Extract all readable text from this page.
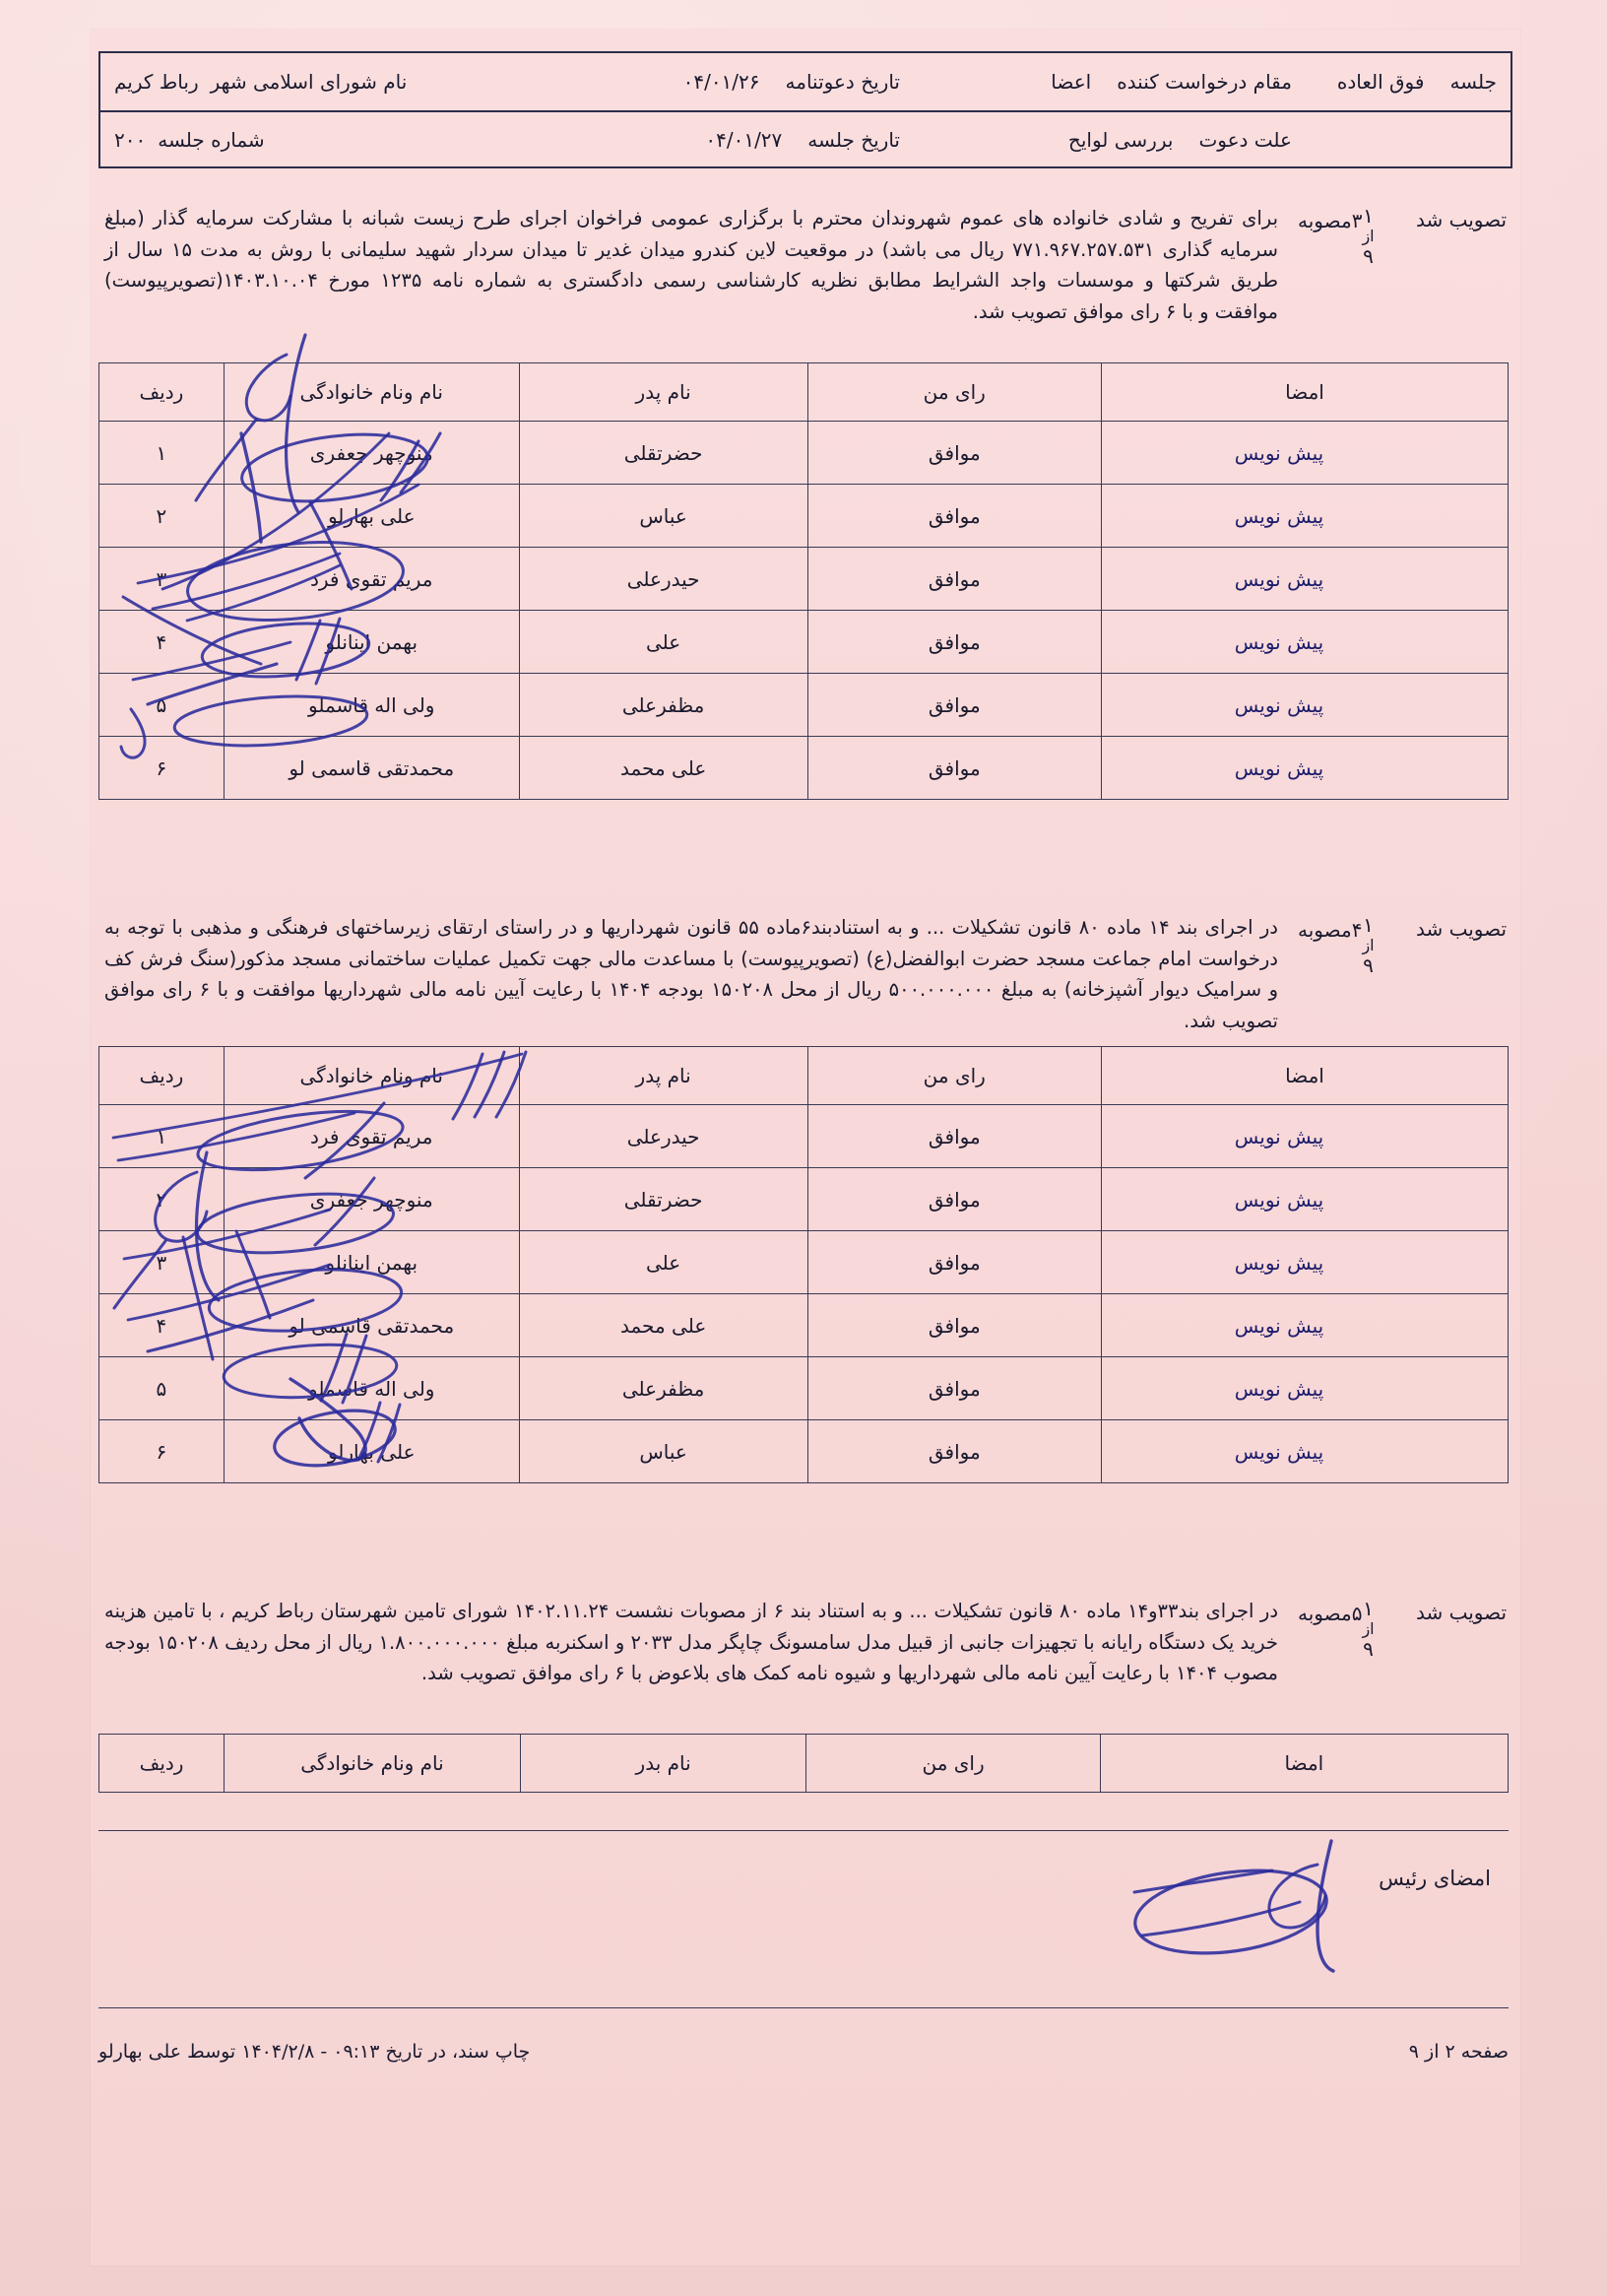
جلسه
فوق العاده
مقام درخواست کننده
اعضا
تاریخ دعوتنامه
۰۴/۰۱/۲۶
نام شورای اسلامی شهر
رباط کریم
علت دعوت
بررسی لوایح
تاریخ جلسه
۰۴/۰۱/۲۷
شماره جلسه
۲۰۰
تصویب شد
مصوبه ۳ ۱
از
۹
برای تفریح و شادی خانواده های عموم شهروندان محترم با برگزاری عمومی فراخوان اجرای طرح زیست شبانه با مشارکت سرمایه گذار (مبلغ سرمایه گذاری ۷۷۱.۹۶۷.۲۵۷.۵۳۱ ریال می باشد) در موقعیت لاین کندرو میدان غدیر تا میدان سردار شهید سلیمانی با روش به مدت ۱۵ سال از طریق شرکتها و موسسات واجد الشرایط مطابق نظریه کارشناسی رسمی دادگستری به شماره نامه ۱۲۳۵ مورخ ۱۴۰۳.۱۰.۰۴(تصویرپیوست) موافقت و با ۶ رای موافق تصویب شد.
امضا	رای من	نام پدر	نام ونام خانوادگی	ردیف
پیش نویس	موافق	حضرتقلی	منوچهر جعفری	۱
پیش نویس	موافق	عباس	علی بهارلو	۲
پیش نویس	موافق	حیدرعلی	مریم تقوی فرد	۳
پیش نویس	موافق	علی	بهمن اینانلو	۴
پیش نویس	موافق	مظفرعلی	ولی اله قاسملو	۵
پیش نویس	موافق	علی محمد	محمدتقی قاسمی لو	۶
تصویب شد
مصوبه ۴ ۱
از
۹
در اجرای بند ۱۴ ماده ۸۰ قانون تشکیلات ... و به استنادبند۶ماده ۵۵ قانون شهرداریها و در راستای ارتقای زیرساختهای فرهنگی و مذهبی با توجه به درخواست امام جماعت مسجد حضرت ابوالفضل(ع) (تصویرپیوست) با مساعدت مالی جهت تکمیل عملیات ساختمانی مسجد مذکور(سنگ فرش کف و سرامیک دیوار آشپزخانه) به مبلغ ۵۰۰.۰۰۰.۰۰۰ ریال از محل ۱۵۰۲۰۸ بودجه ۱۴۰۴ با رعایت آیین نامه مالی شهرداریها موافقت و با ۶ رای موافق تصویب شد.
امضا	رای من	نام پدر	نام ونام خانوادگی	ردیف
پیش نویس	موافق	حیدرعلی	مریم تقوی فرد	۱
پیش نویس	موافق	حضرتقلی	منوچهر جعفری	۲
پیش نویس	موافق	علی	بهمن اینانلو	۳
پیش نویس	موافق	علی محمد	محمدتقی قاسمی لو	۴
پیش نویس	موافق	مظفرعلی	ولی اله قاسملو	۵
پیش نویس	موافق	عباس	علی بهارلو	۶
تصویب شد
مصوبه ۵ ۱
از
۹
در اجرای بند۳۳و۱۴ ماده ۸۰ قانون تشکیلات ... و به استناد بند ۶ از مصوبات نشست ۱۴۰۲.۱۱.۲۴ شورای تامین شهرستان رباط کریم ، با تامین هزینه خرید یک دستگاه رایانه با تجهیزات جانبی از قبیل مدل سامسونگ چاپگر مدل ۲۰۳۳ و اسکنربه مبلغ ۱.۸۰۰.۰۰۰.۰۰۰ ریال از محل ردیف ۱۵۰۲۰۸ بودجه مصوب ۱۴۰۴ با رعایت آیین نامه مالی شهرداریها و شیوه نامه کمک های بلاعوض با ۶ رای موافق تصویب شد.
امضا	رای من	نام بدر	نام ونام خانوادگی	ردیف
امضای رئیس
صفحه ۲ از ۹
چاپ سند، در تاریخ ۰۹:۱۳ - ۱۴۰۴/۲/۸ توسط علی بهارلو
